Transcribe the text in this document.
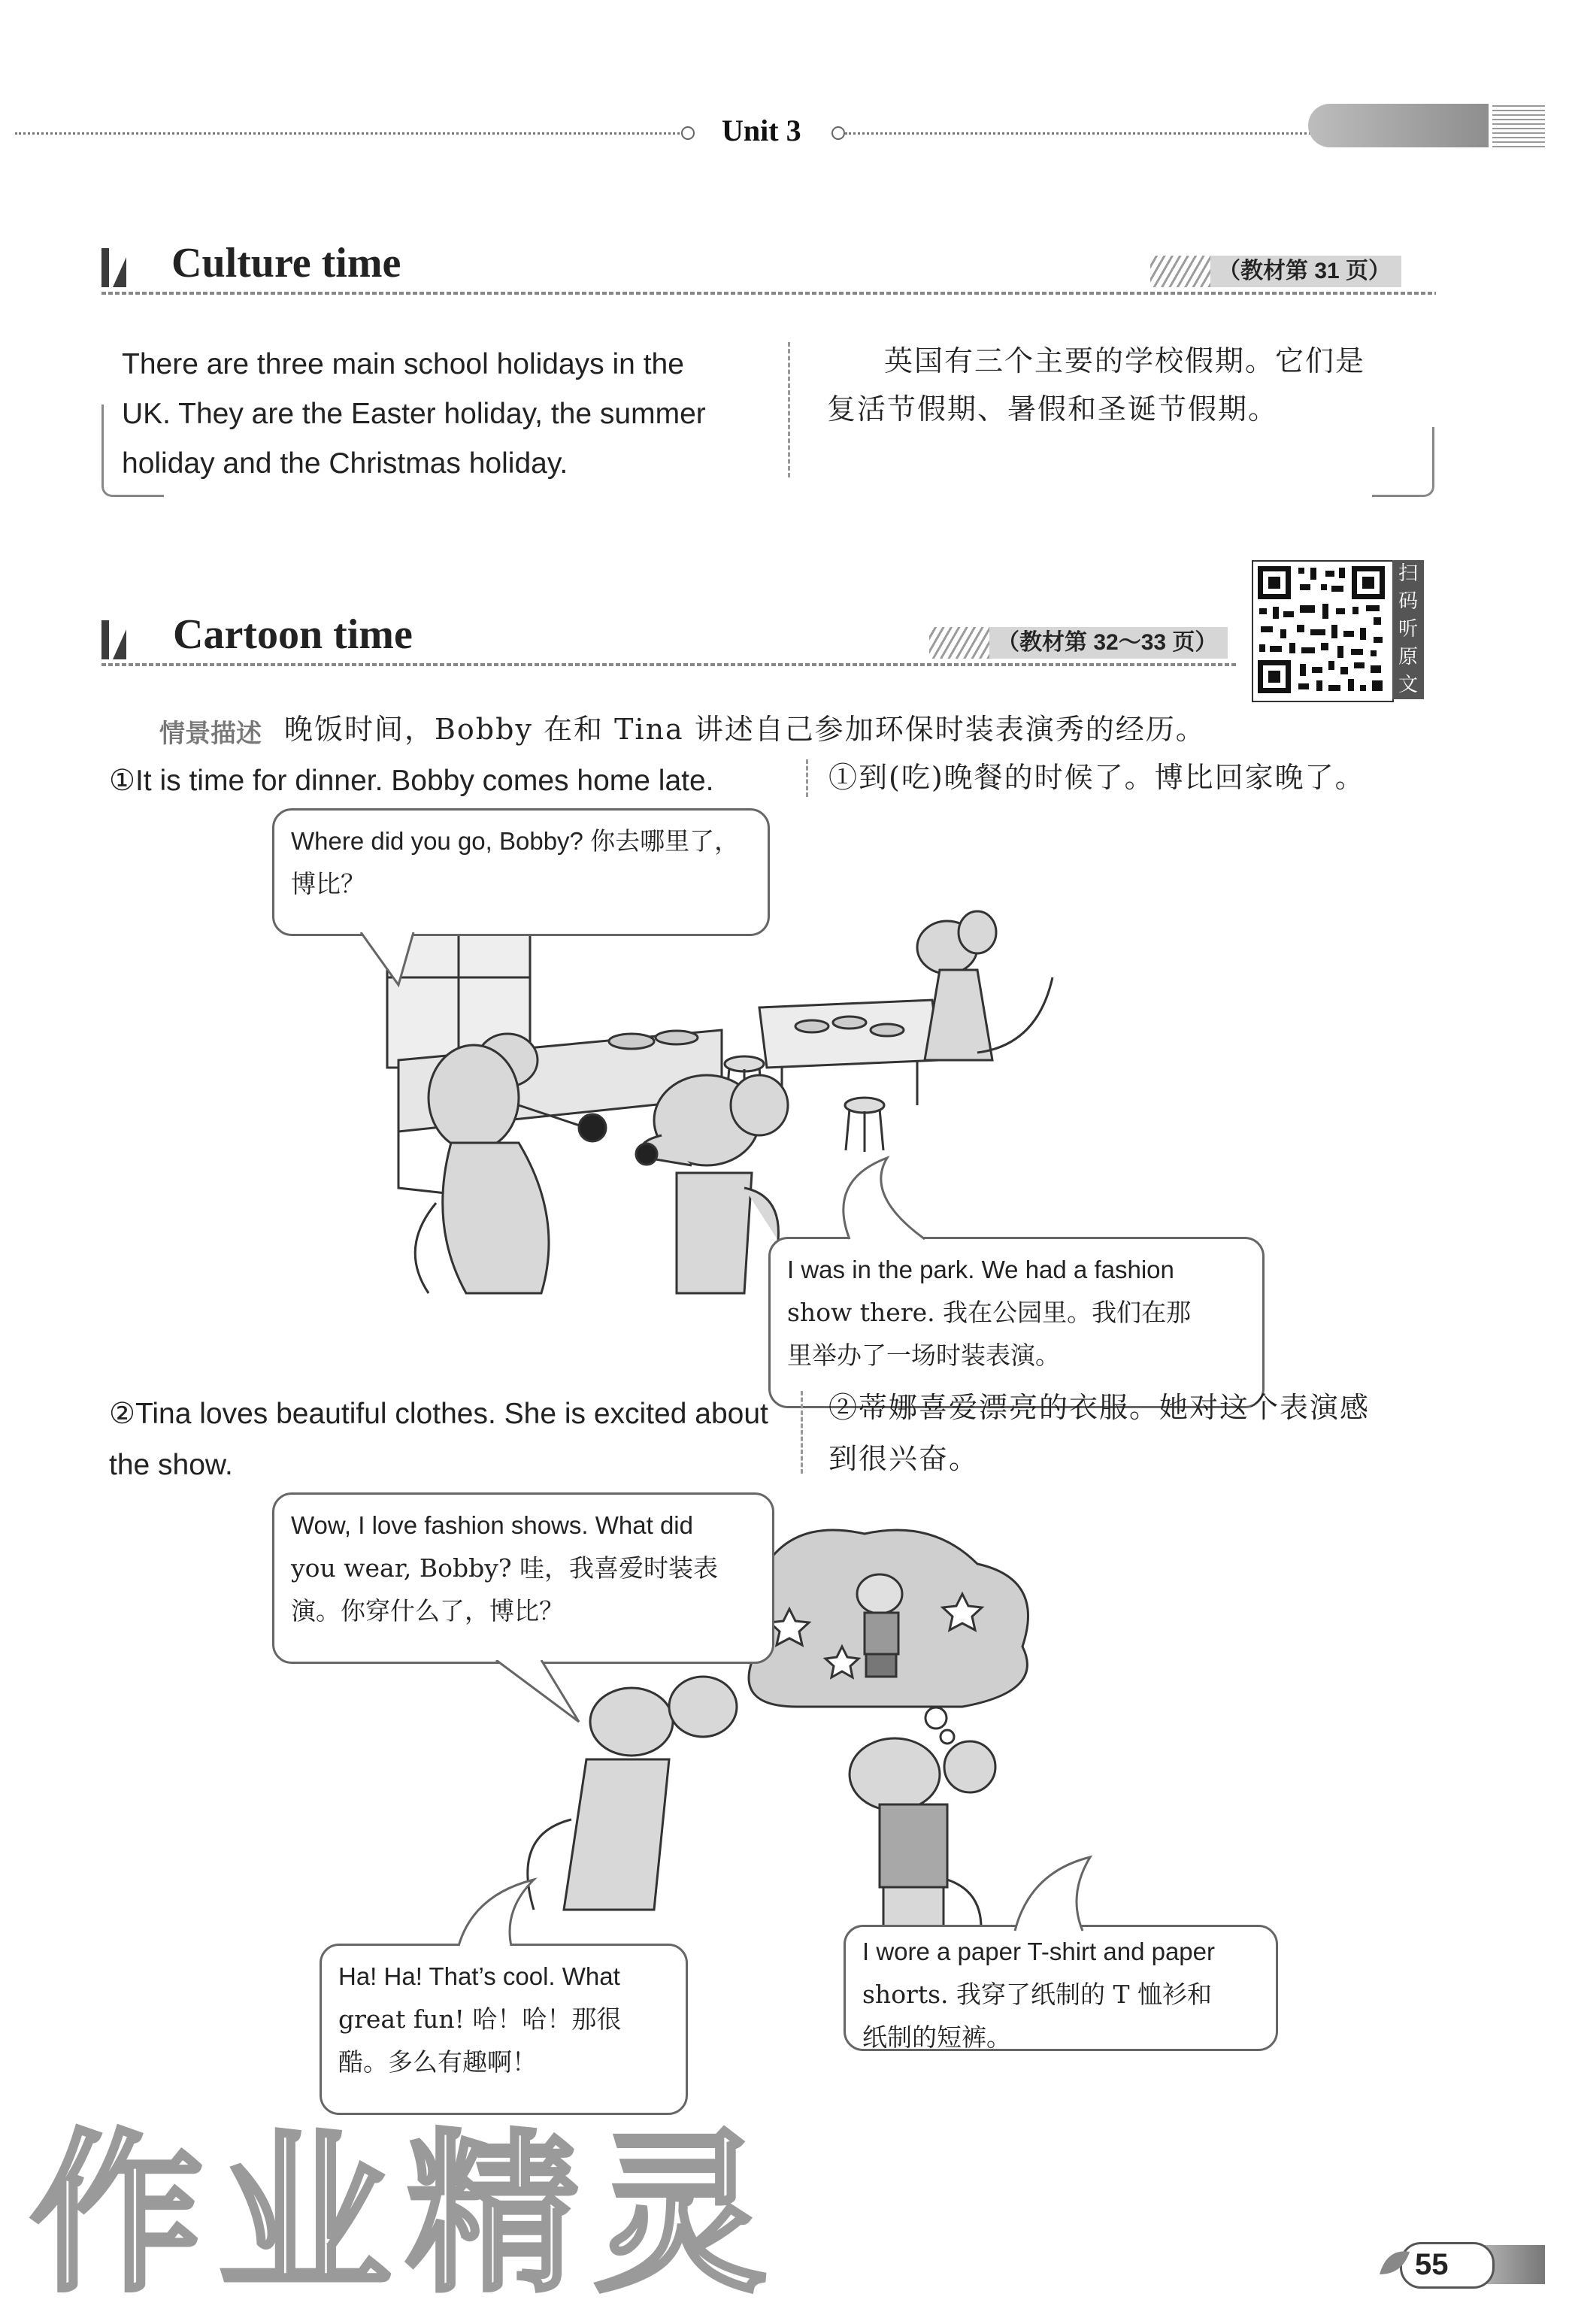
Unit 3
Culture time	（教材第 31 页）
There are three main school holidays in the
UK. They are the Easter holiday, the summer
holiday and the Christmas holiday.
英国有三个主要的学校假期。它们是
复活节假期、暑假和圣诞节假期。
Cartoon time	（教材第 32～33 页）
扫
码
听
原
文
情景描述 晚饭时间，Bobby 在和 Tina 讲述自己参加环保时装表演秀的经历。
①It is time for dinner. Bobby comes home late.	①到(吃)晚餐的时候了。博比回家晚了。
Where did you go, Bobby? 你去哪里了，
博比？
I was in the park. We had a fashion
show there. 我在公园里。我们在那
里举办了一场时装表演。
②Tina loves beautiful clothes. She is excited about
the show.
②蒂娜喜爱漂亮的衣服。她对这个表演感
到很兴奋。
Wow, I love fashion shows. What did
you wear, Bobby? 哇，我喜爱时装表
演。你穿什么了，博比？
Ha! Ha! That’s cool. What
great fun! 哈！哈！那很
酷。多么有趣啊！
I wore a paper T-shirt and paper
shorts. 我穿了纸制的 T 恤衫和
纸制的短裤。
作业精灵	55
